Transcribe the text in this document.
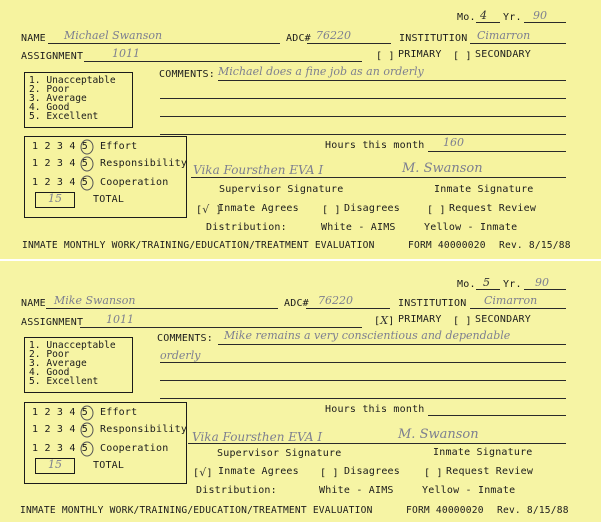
Mo. 4 Yr. 90
NAME Michael Swanson	ADC# 76220	INSTITUTION Cimarron
ASSIGNMENT	1011	[ ] PRIMARY [ ] SECONDARY
1. Unacceptable
2. Poor
3. Average
4. Good
5. Excellent
COMMENTS: Michael does a fine job as an orderly
1 2 3 4 5 Effort
1 2 3 4 5 Responsibility
1 2 3 4 5 Cooperation
15	TOTAL
Hours this month 160
Vika Foursthen EVA I	M. Swanson
Supervisor Signature	Inmate Signature
[√ ]
Inmate Agrees [ ] Disagrees	[ ] Request Review
Distribution:	White - AIMS	Yellow - Inmate
INMATE MONTHLY WORK/TRAINING/EDUCATION/TREATMENT EVALUATION	FORM 40000020 Rev. 8/15/88
Mo. 5 Yr. 90
NAME Mike Swanson	ADC# 76220	INSTITUTION Cimarron
ASSIGNMENT 1011	[X] PRIMARY [ ] SECONDARY
1. Unacceptable
2. Poor
3. Average
4. Good
5. Excellent
COMMENTS: Mike remains a very conscientious and dependable
orderly
1 2 3 4 5 Effort
1 2 3 4 5 Responsibility
1 2 3 4 5 Cooperation
15	TOTAL
Hours this month
Vika Foursthen EVA I	M. Swanson
Supervisor Signature	Inmate Signature
[√] Inmate Agrees [ ] Disagrees [ ] Request Review
Distribution:	White - AIMS	Yellow - Inmate
INMATE MONTHLY WORK/TRAINING/EDUCATION/TREATMENT EVALUATION	FORM 40000020 Rev. 8/15/88
